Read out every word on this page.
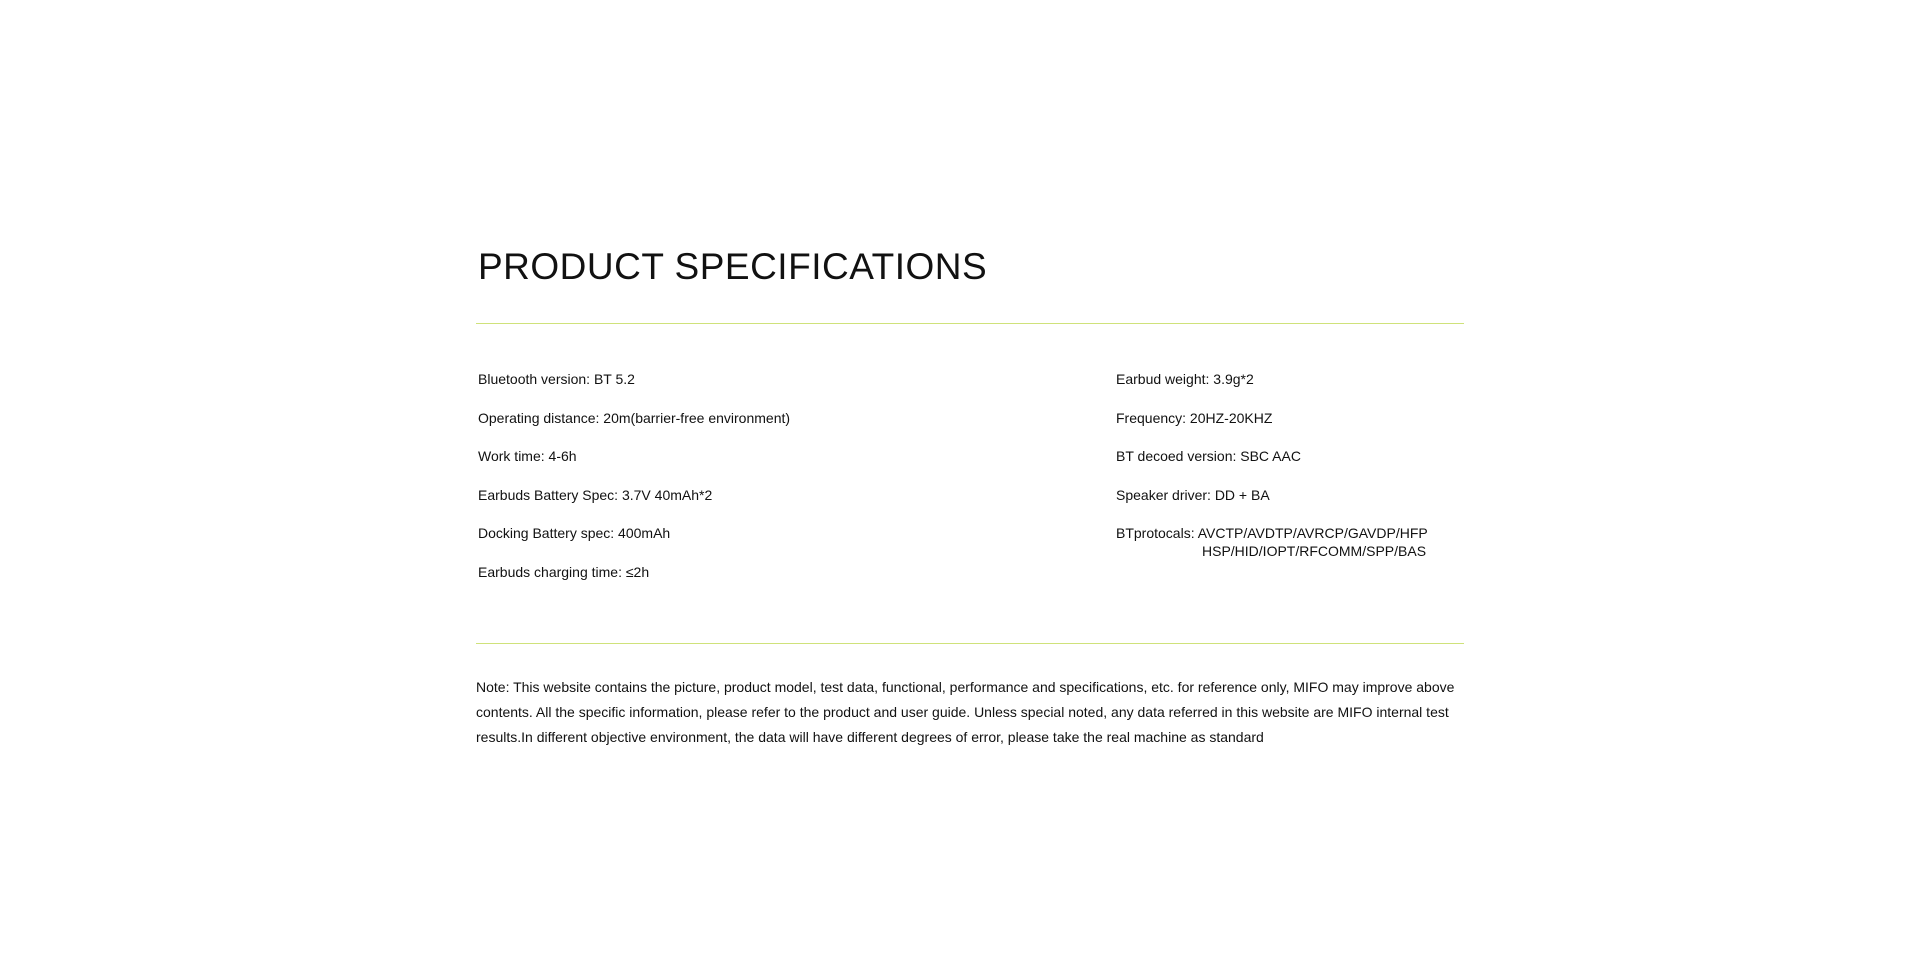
PRODUCT SPECIFICATIONS
Bluetooth version: BT 5.2
Operating distance: 20m(barrier-free environment)
Work time: 4-6h
Earbuds Battery Spec: 3.7V 40mAh*2
Docking Battery spec: 400mAh
Earbuds charging time: ≤2h
Earbud weight: 3.9g*2
Frequency: 20HZ-20KHZ
BT decoed version: SBC AAC
Speaker driver: DD + BA
BTprotocals: AVCTP/AVDTP/AVRCP/GAVDP/HFP
HSP/HID/IOPT/RFCOMM/SPP/BAS

Note: This website contains the picture, product model, test data, functional, performance and specifications, etc. for reference only, MIFO may improve above

contents. All the specific information, please refer to the product and user guide. Unless special noted, any data referred in this website are MIFO internal test

results.In different objective environment, the data will have different degrees of error, please take the real machine as standard
